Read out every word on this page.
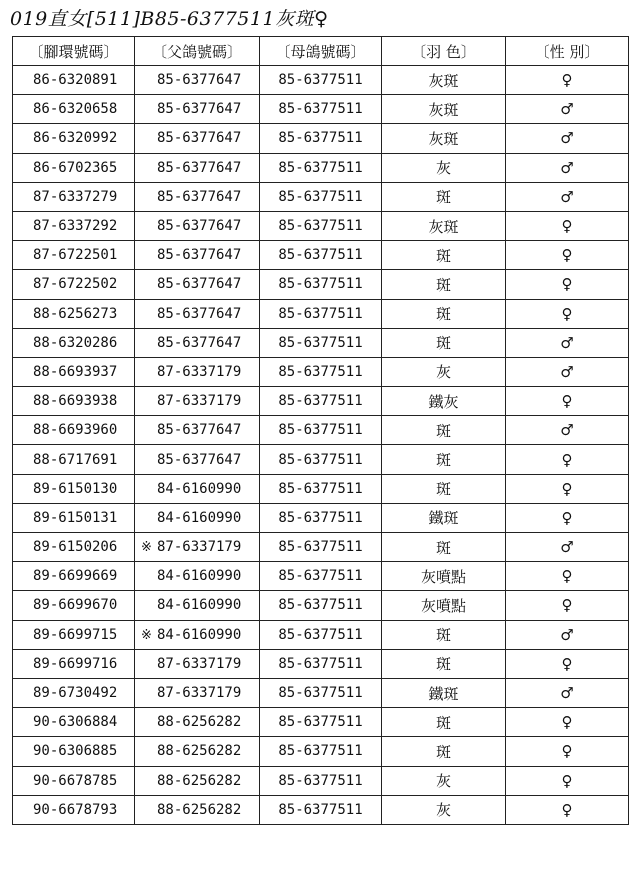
019直女[511]B85-6377511灰斑♀
〔腳環號碼〕	〔父鴿號碼〕	〔母鴿號碼〕	〔羽 色〕	〔性 別〕
86-6320891	85-6377647	85-6377511	灰斑	♀
86-6320658	85-6377647	85-6377511	灰斑	♂
86-6320992	85-6377647	85-6377511	灰斑	♂
86-6702365	85-6377647	85-6377511	灰	♂
87-6337279	85-6377647	85-6377511	斑	♂
87-6337292	85-6377647	85-6377511	灰斑	♀
87-6722501	85-6377647	85-6377511	斑	♀
87-6722502	85-6377647	85-6377511	斑	♀
88-6256273	85-6377647	85-6377511	斑	♀
88-6320286	85-6377647	85-6377511	斑	♂
88-6693937	87-6337179	85-6377511	灰	♂
88-6693938	87-6337179	85-6377511	鐵灰	♀
88-6693960	85-6377647	85-6377511	斑	♂
88-6717691	85-6377647	85-6377511	斑	♀
89-6150130	84-6160990	85-6377511	斑	♀
89-6150131	84-6160990	85-6377511	鐵斑	♀
89-6150206	※ 87-6337179	85-6377511	斑	♂
89-6699669	84-6160990	85-6377511	灰噴點	♀
89-6699670	84-6160990	85-6377511	灰噴點	♀
89-6699715	※ 84-6160990	85-6377511	斑	♂
89-6699716	87-6337179	85-6377511	斑	♀
89-6730492	87-6337179	85-6377511	鐵斑	♂
90-6306884	88-6256282	85-6377511	斑	♀
90-6306885	88-6256282	85-6377511	斑	♀
90-6678785	88-6256282	85-6377511	灰	♀
90-6678793	88-6256282	85-6377511	灰	♀
